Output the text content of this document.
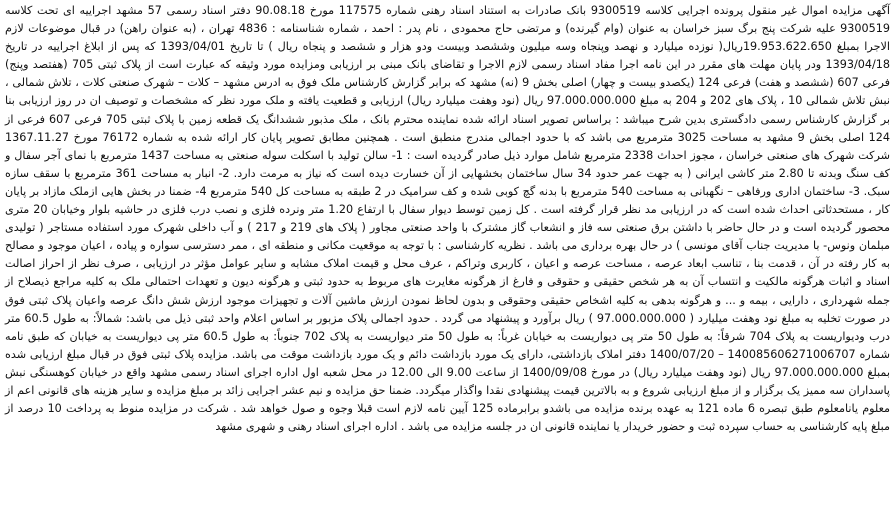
آگهی مزایده اموال غیر منقول پرونده اجرایی کلاسه 9300519 بانک صادرات به استناد اسناد رهنی شماره 117575 مورخ 90.08.18 دفتر اسناد رسمی 57 مشهد اجراییه ای تحت کلاسه 9300519 علیه شرکت پنج برگ سبز خراسان به عنوان (وام گیرنده) و مرتضی حاج محمودی ، نام پدر : احمد ، شماره شناسنامه : 4836 تهران ، (به عنوان راهن) در قبال موضوعات لازم الاجرا بمبلغ 19.953.622.650ریال( نوزده میلیارد و نهصد وپنجاه وسه میلیون وششصد وبیست ودو هزار و ششصد و پنجاه ریال ) تا تاریخ 1393/04/01 که پس از ابلاغ اجراییه در تاریخ 1393/04/18 ودر پایان مهلت های مقرر در این نامه اجرا مفاد اسناد رسمی لازم الاجرا و تقاضای بانک مبنی بر ارزیابی ومزایده مورد وثیقه که عبارت است از پلاک ثبتی 705 (هفتصد وپنج) فرعی 607 (ششصد و هفت) فرعی 124 (یکصدو بیست و چهار) اصلی بخش 9 (نه) مشهد که برابر گزارش کارشناس ملک فوق به ادرس مشهد – کلات – شهرک صنعتی کلات ، تلاش شمالی ، نبش تلاش شمالی 10 ، پلاک های 202 و 204 به مبلغ 97.000.000.000 ریال (نود وهفت میلیارد ریال) ارزیابی و قطعیت یافته و ملک مورد نظر که مشخصات و توصیف ان در روز ارزیابی بنا بر گزارش کارشناس رسمی دادگستری بدین شرح میباشد : براساس تصویر اسناد ارائه شده نماینده محترم بانک ، ملک مذبور ششدانگ یک قطعه زمین با پلاک ثبتی 705 فرعی 607 فرعی از 124 اصلی بخش 9 مشهد به مساحت 3025 مترمربع می باشد که با حدود اجمالی مندرج منطبق است . همچنین مطابق تصویر پایان کار ارائه شده به شماره 76172 مورخ 1367.11.27 شرکت شهرک های صنعتی خراسان ، مجوز احداث 2338 مترمربع شامل موارد ذیل صادر گردیده است : 1- سالن تولید با اسکلت سوله صنعتی به مساحت 1437 مترمربع با نمای آجر سفال و کف سنگ وبدنه تا 2.80 متر کاشی ایرانی ( به جهت عمر حدود 34 سال ساختمان بخشهایی از آن خسارت دیده است که نیاز به مرمت دارد. 2- انبار به مساحت 361 مترمربع با سقف سازه سبک. 3- ساختمان اداری ورفاهی – نگهبانی به مساحت 540 مترمربع با بدنه گچ کوبی شده و کف سرامیک در 2 طبقه به مساحت کل 540 مترمربع 4- ضمنا در بخش هایی ازملک مازاد بر پایان کار ، مستحدثاتی احداث شده است که در ارزیابی مد نظر قرار گرفته است . کل زمین توسط دیوار سفال با ارتفاع 1.20 متر ونرده فلزی و نصب درب فلزی در حاشیه بلوار وخیابان 20 متری محصور گردیده است و در حال حاضر با داشتن برق صنعتی سه فاز و انشعاب گاز مشترک با واحد صنعتی مجاور ( پلاک های 219 و 217 ) و آب داخلی شهرک مورد استفاده مستاجر ( تولیدی مبلمان ونوس- با مدیریت جناب آقای مونسی ) در حال بهره برداری می باشد . نظریه کارشناسی : با توجه به موقعیت مکانی و منطقه ای ، ممر دسترسی سواره و پیاده ، اعیان موجود و مصالح به کار رفته در آن ، قدمت بنا ، تناسب ابعاد عرصه ، مساحت عرصه و اعیان ، کاربری وتراکم ، عرف محل و قیمت املاک مشابه و سایر عوامل مؤثر در ارزیابی ، صرف نظر از احراز اصالت اسناد و اثبات هرگونه مالکیت و انتساب آن به هر شخص حقیقی و حقوقی و فارغ از هرگونه مغایرت های مربوط به حدود ثبتی و هرگونه دیون و تعهدات احتمالی ملک به کلیه مراجع ذیصلاح از جمله شهرداری ، دارایی ، بیمه و ... و هرگونه بدهی به کلیه اشخاص حقیقی وحقوقی و بدون لحاظ نمودن ارزش ماشین آلات و تجهیزات موجود ارزش شش دانگ عرصه واعیان پلاک ثبتی فوق در صورت تخلیه به مبلغ نود وهفت میلیارد ( 97.000.000.000 ) ریال برآورد و پیشنهاد می گردد . حدود اجمالی پلاک مزبور بر اساس اعلام واحد ثبتی ذیل می باشد: شمالاً: به طول 60.5 متر درب ودیواریست به پلاک 704 شرقاً: به طول 50 متر پی دیواریست به خیابان غرباً: به طول 50 متر دیواریست به پلاک 702 جنوباً: به طول 60.5 متر پی دیواریست به خیابان که طبق نامه شماره 140085606271006707 – 1400/07/20 دفتر املاک بازداشتی، دارای یک مورد بازداشت دائم و یک مورد بازداشت موقت می باشد. مزایده پلاک ثبتی فوق در قبال مبلغ ارزیابی شده بمبلغ 97.000.000.000 ریال (نود وهفت میلیارد ریال) در مورخ 1400/09/08 از ساعت 9.00 الی 12.00 در محل شعبه اول اداره اجرای اسناد رسمی مشهد واقع در خیابان کوهسنگی نبش پاسداران سه ممیز یک برگزار و از مبلغ ارزیابی شروع و به بالاترین قیمت پیشنهادی نقدا واگذار میگردد. ضمنا حق مزایده و نیم عشر اجرایی زائد بر مبلغ مزایده و سایر هزینه های قانونی اعم از معلوم یانامعلوم طبق تبصره 6 ماده 121 به عهده برنده مزایده می باشدو برابرماده 125 آیین نامه لازم است قبلا وجوه و صول خواهد شد . شرکت در مزایده منوط به پرداخت 10 درصد از مبلغ پایه کارشناسی به حساب سپرده ثبت و حضور خریدار یا نماینده قانونی ان در جلسه مزایده می باشد . اداره اجرای اسناد رهنی و شهری مشهد
